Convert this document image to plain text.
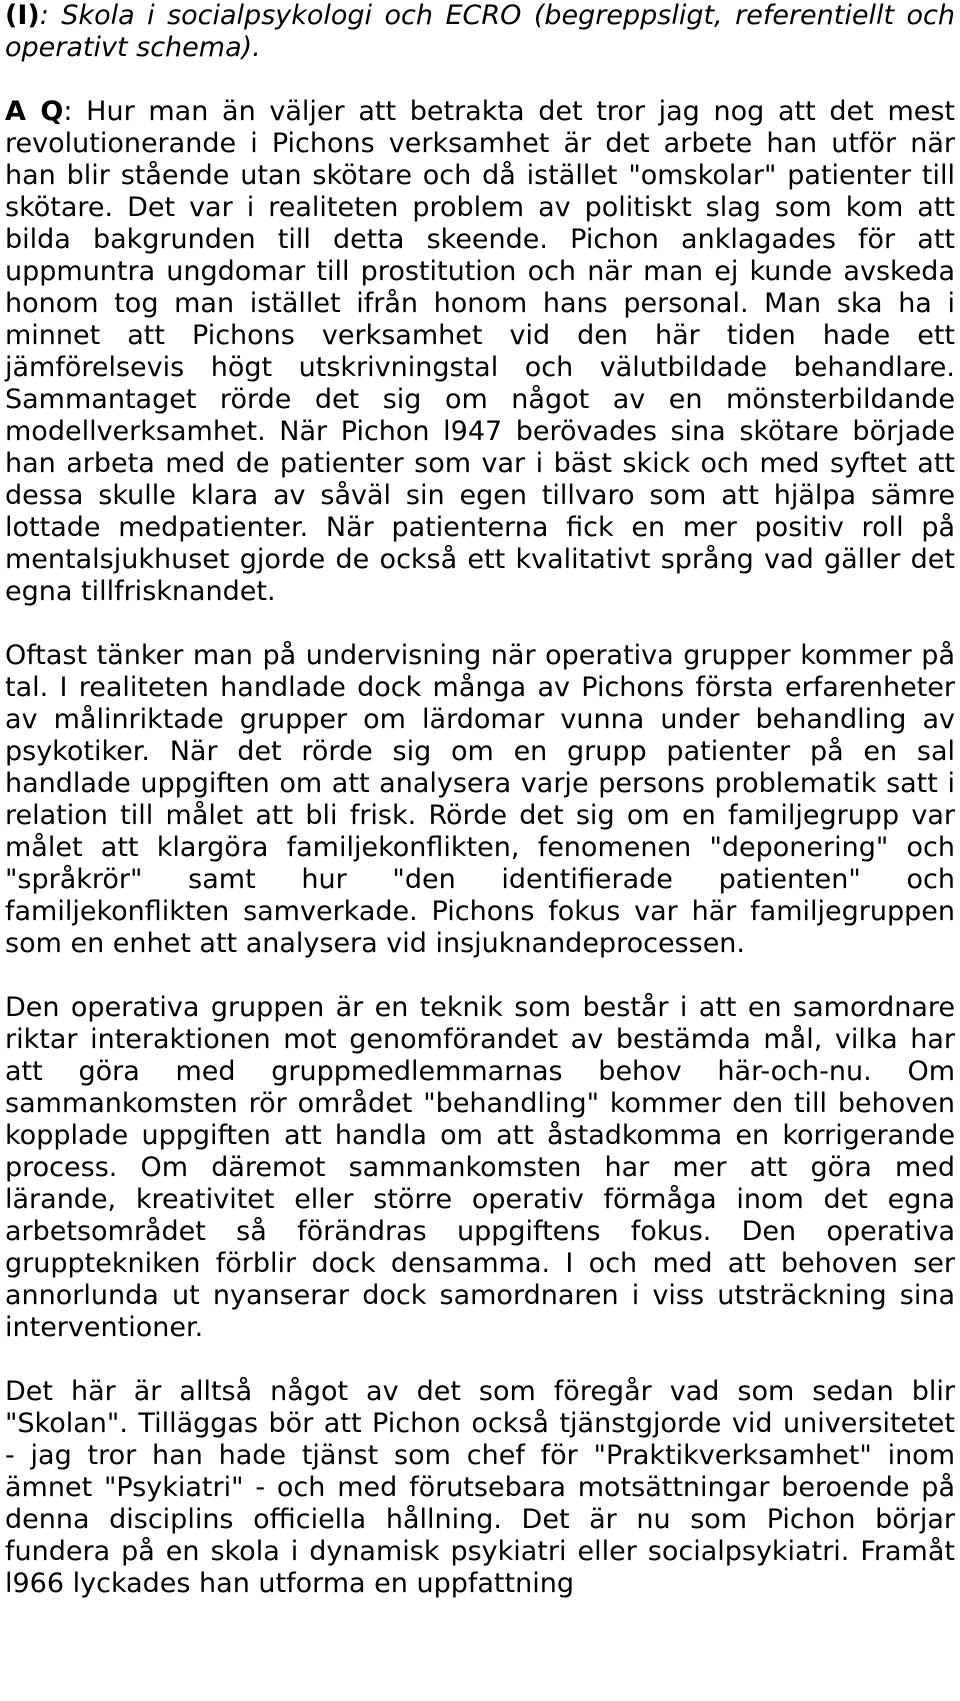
(I): Skola i socialpsykologi och ECRO (begreppsligt, referentiellt och operativt schema).

A Q: Hur man än väljer att betrakta det tror jag nog att det mest revolutionerande i Pichons verksamhet är det arbete han utför när han blir stående utan skötare och då istället "omskolar" patienter till skötare. Det var i realiteten problem av politiskt slag som kom att bilda bakgrunden till detta skeende. Pichon anklagades för att uppmuntra ungdomar till prostitution och när man ej kunde avskeda honom tog man istället ifrån honom hans personal. Man ska ha i minnet att Pichons verksamhet vid den här tiden hade ett jämförelsevis högt utskrivningstal och välutbildade behandlare. Sammantaget rörde det sig om något av en mönsterbildande modellverksamhet. När Pichon l947 berövades sina skötare började han arbeta med de patienter som var i bäst skick och med syftet att dessa skulle klara av såväl sin egen tillvaro som att hjälpa sämre lottade medpatienter. När patienterna fick en mer positiv roll på mentalsjukhuset gjorde de också ett kvalitativt språng vad gäller det egna tillfrisknandet.

Oftast tänker man på undervisning när operativa grupper kommer på tal. I realiteten handlade dock många av Pichons första erfarenheter av målinriktade grupper om lärdomar vunna under behandling av psykotiker. När det rörde sig om en grupp patienter på en sal handlade uppgiften om att analysera varje persons problematik satt i relation till målet att bli frisk. Rörde det sig om en familjegrupp var målet att klargöra familjekonflikten, fenomenen "deponering" och "språkrör" samt hur "den identifierade patienten" och familjekonflikten samverkade. Pichons fokus var här familjegruppen som en enhet att analysera vid insjuknandeprocessen.

Den operativa gruppen är en teknik som består i att en samordnare riktar interaktionen mot genomförandet av bestämda mål, vilka har att göra med gruppmedlemmarnas behov här-och-nu. Om sammankomsten rör området "behandling" kommer den till behoven kopplade uppgiften att handla om att åstadkomma en korrigerande process. Om däremot sammankomsten har mer att göra med lärande, kreativitet eller större operativ förmåga inom det egna arbetsområdet så förändras uppgiftens fokus. Den operativa grupptekniken förblir dock densamma. I och med att behoven ser annorlunda ut nyanserar dock samordnaren i viss utsträckning sina interventioner.

Det här är alltså något av det som föregår vad som sedan blir "Skolan". Tilläggas bör att Pichon också tjänstgjorde vid universitetet - jag tror han hade tjänst som chef för "Praktikverksamhet" inom ämnet "Psykiatri" - och med förutsebara motsättningar beroende på denna disciplins officiella hållning. Det är nu som Pichon börjar fundera på en skola i dynamisk psykiatri eller socialpsykiatri. Framåt l966 lyckades han utforma en uppfattning
